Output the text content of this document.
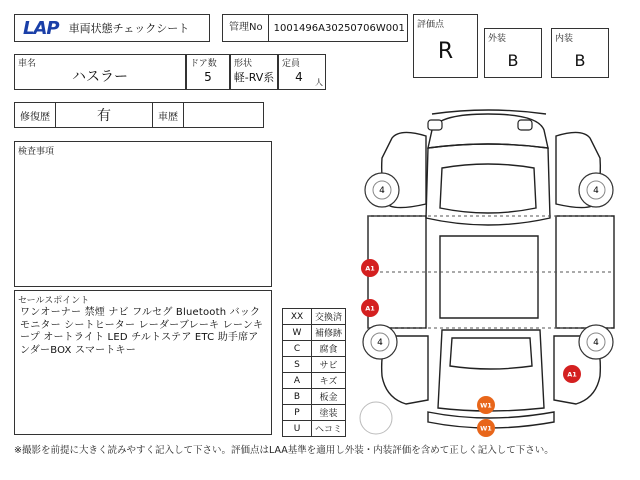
LAP 車両状態チェックシート	管理No	1001496A30250706W001 評価点
R	外装
B
内装
B
車名
ハスラー
ドア数
5
形状
軽-RV系
定員
4	人
修復歴	有	車歴
検査事項
セールスポイント
ワンオーナー 禁煙 ナビ フルセグ Bluetooth バックモニター シートヒーター レーダーブレーキ レーンキープ オートライト LED チルトステア ETC 助手席アンダーBOX スマートキー
XX	交換済
W	補修跡
C	腐食
S	サビ
A	キズ
B	板金
P	塗装
U	ヘコミ
4	4
4	4
A1
A1
A1
W1
W1
※撮影を前提に大きく読みやすく記入して下さい。評価点はLAA基準を適用し外装・内装評価を含めて正しく記入して下さい。
